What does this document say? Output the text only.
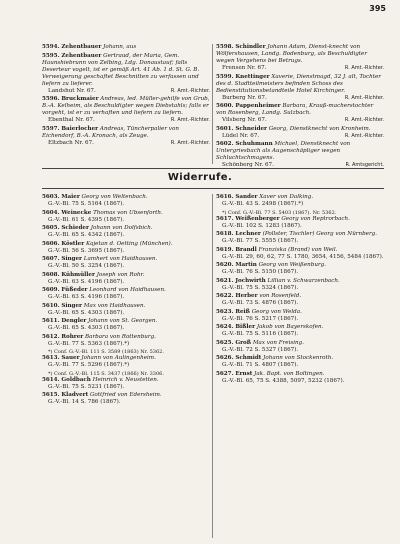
395
5594. Zehentbauer Johann, aus
5595. Zehentbauer Gertraud, der Maria, Gem. Haunshiebrunn von Zelbing, Ldg. Donaustauf; falls Deserteur vogelt, ist er gemäß Art. 41 Ab. 1 d. St. G. B. Verweigerung geschaftet Beschnitten zu verfassen und liefern zu lieferer.
Landshut Nr. 67.	R. Amt.-Richter.
5596. Bruckmaier Andreas, led. Müller-gehilfe von Grub, B.-A. Kelheim, als Beschuldigter wegen Diebstahls; falls er vorgeht, ist er zu verhaften und liefern zu liefern.
Ebenthal Nr. 67.	R. Amt.-Richter.
5597. Baierlocher Andreas, Tüncherpalier von Eichendorf, B.-A. Kronach, als Zeuge.
Eltzbach Nr. 67.	R. Amt.-Richter.
5598. Schindler Johann Adam, Dienst-knecht von Wölfershausen, Landg. Bodenburg, als Beschuldigter wegen Vergehens bei Betrugs.
Frensen Nr. 67.	R. Amt.-Richter.
5599. Knettinger Xaverie, Dienstmagd, 32 J. alt, Tochter des d. Stadtteilmeisters befinden Schoss des Bedienstitutionsbetandteile Hotel Kirchinger.
Burberg Nr. 67.	R. Amt.-Richter.
5600. Pappenheimer Barbara, Krauß-macherstochter von Rosenberg, Landg. Sulzbach.
Vilsberg Nr. 67.	R. Amt.-Richter.
5601. Schneider Georg, Dienstknecht von Kronheim.
Lüdel Nr. 67.	R. Amt.-Richter.
5602. Schuhmann Michael, Dienstknecht von Untergriesbach als Augenschäpliger wegen Schluchtschmagens.
Schönberg Nr. 67.	R. Amtsgericht.
Widerrufe.
5603. Maier Georg von Weltenbach.
G.-V.-Bl. 75 S. 5164 (1867).
5604. Weinecke Thomas von Ubsenforth.
G.-V.-Bl. 61 S. 4395 (1867).
5605. Schieder Johann von Dolfsbich.
G.-V.-Bl. 65 S. 4342 (1867).
5606. Köstler Kajetan d. Oetting (München).
G.-V.-Bl. 56 S. 3695 (1867).
5607. Singer Lamhert von Haidhausen.
G.-V.-Bl. 50 S. 3254 (1867).
5608. Kühmüller Joseph von Rohr.
G.-V.-Bl. 63 S. 4196 (1867).
5609. Füßeder Leonhard von Haidhausen.
G.-V.-Bl. 63 S. 4196 (1867).
5610. Singer Max von Haidhausen.
G.-V.-Bl. 65 S. 4303 (1867).
5611. Dengler Johann von St. Georgen.
G.-V.-Bl. 65 S. 4303 (1867).
5612. Rohrer Barbara von Rottenburg.
G.-V.-Bl. 77 S. 5363 (1867).*)
*) Conf. G.-V.-Bl. 111 S. 3589 (1863) Nr. 5362.
5613. Sauer Johann von Aulingenheim.
G.-V.-Bl. 77 S. 5296 (1867).*)
*) Conf. G.-V.-Bl. 115 S. 3437 (1866) Nr. 3306.
5614. Goldbach Heinrich v. Neustetten.
G.-V.-Bl. 75 S. 5231 (1867).
5615. Kladvert Gottfried von Edersheim.
G.-V.-Bl. 14 S. 786 (1867).
5616. Sander Xaver von Dalking.
G.-V.-Bl. 43 S. 2498 (1867).*)
*) Conf. G.-V.-Bl. 77 S. 5403 (1867). Nr. 5362.
5617. Weißenberger Georg von Reptrorbach.
G.-V.-Bl. 102 S. 1283 (1867).
5618. Lechner (Pollster, Tischler) Georg von Nürnberg.
G.-V.-Bl. 77 S. 5555 (1867).
5619. Brandl Franziska (Brand) von Weil.
G.-V.-Bl. 29, 60, 62, 77 S. 1780, 3654, 4156, 5484 (1867).
5620. Martin Georg von Weißenburg.
G.-V.-Bl. 76 S. 5150 (1867).
5621. Jochwirth Lillian v. Schwarzenbach.
G.-V.-Bl. 75 S. 5324 (1867).
5622. Herber von Rosenfeld.
G.-V.-Bl. 73 S. 4876 (1867).
5623. Reiß Georg von Welda.
G.-V.-Bl. 76 S. 5217 (1867).
5624. Bißler Jakob von Bayerskofen.
G.-V.-Bl. 75 S. 5116 (1867).
5625. Groß Max von Freising.
G.-V.-Bl. 72 S. 5327 (1867).
5626. Schmidt Johann von Stockenroth.
G.-V.-Bl. 71 S. 4807 (1867).
5627. Ernst Jak. Bapt. von Boltingen.
G.-V.-Bl. 65, 75 S. 4388, 5097, 5232 (1867).
